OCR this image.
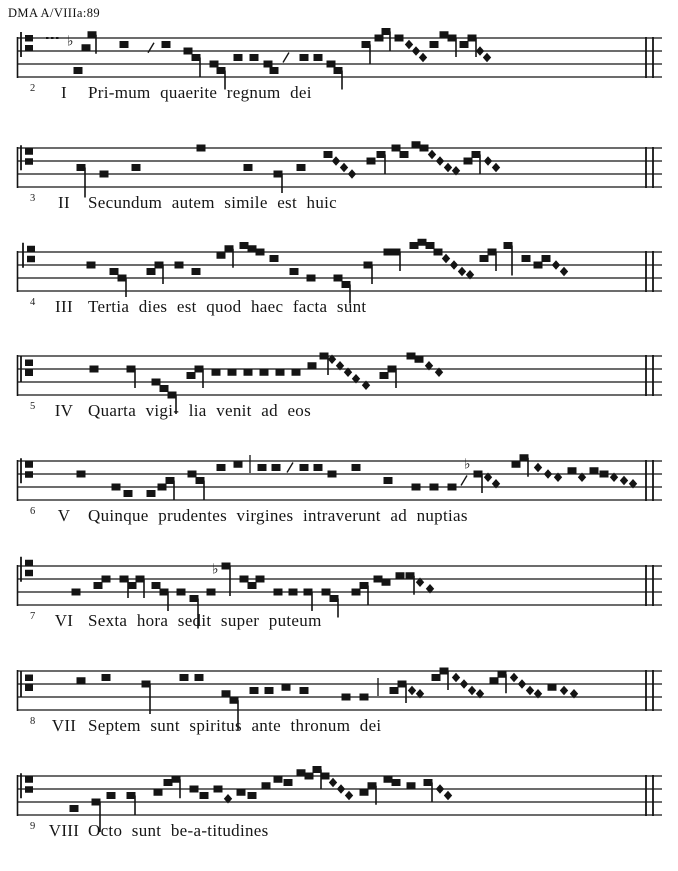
DMA A/VIIIa:89
♭
2 I Pri-mum quaerite regnum dei
3 II Secundum autem simile est huic
4 III Tertia dies est quod haec facta sunt
5 IV Quarta vigi- lia venit ad eos
♭
6 V Quinque prudentes virgines intraverunt ad nuptias
♭
7 VI Sexta hora sedit super puteum
8 VII Septem sunt spiritus ante thronum dei
9 VIII Octo sunt be-a-titudines
